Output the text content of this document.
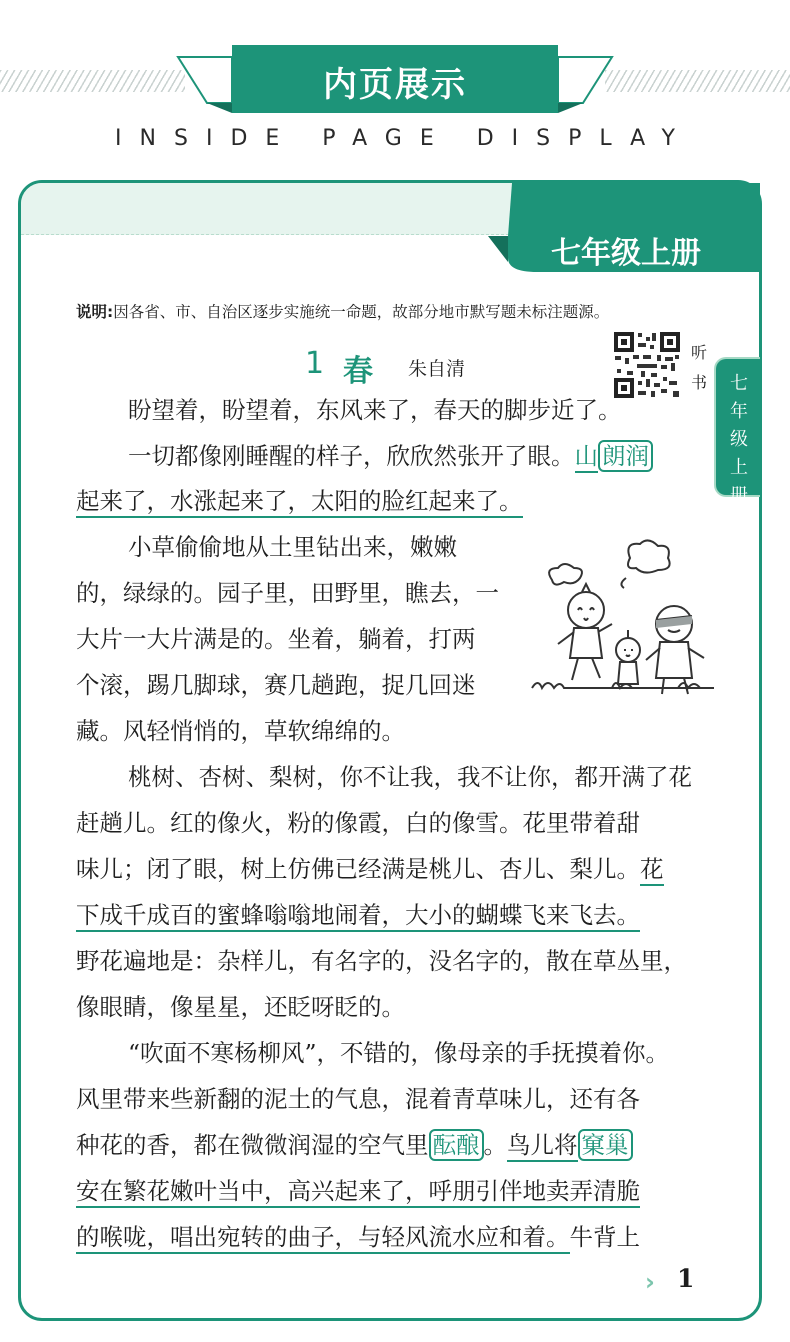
内页展示
INSIDE PAGE DISPLAY
七年级上册
说明:因各省、市、自治区逐步实施统一命题，故部分地市默写题未标注题源。
1 春 朱自清
听书 七年级上册
盼望着，盼望着，东风来了，春天的脚步近了。
一切都像刚睡醒的样子，欣欣然张开了眼。山 朗润
起来了，水涨起来了，太阳的脸红起来了。
小草偷偷地从土里钻出来，嫩嫩
的，绿绿的。园子里，田野里，瞧去，一
大片一大片满是的。坐着，躺着，打两
个滚，踢几脚球，赛几趟跑，捉几回迷
藏。风轻悄悄的，草软绵绵的。
桃树、杏树、梨树，你不让我，我不让你，都开满了花
赶趟儿。红的像火，粉的像霞，白的像雪。花里带着甜
味儿；闭了眼，树上仿佛已经满是桃儿、杏儿、梨儿。花
下成千成百的蜜蜂嗡嗡地闹着，大小的蝴蝶飞来飞去。
野花遍地是：杂样儿，有名字的，没名字的，散在草丛里，
像眼睛，像星星，还眨呀眨的。
“吹面不寒杨柳风”，不错的，像母亲的手抚摸着你。
风里带来些新翻的泥土的气息，混着青草味儿，还有各
种花的香，都在微微润湿的空气里 酝酿 。鸟儿将 窠巢
安在繁花嫩叶当中，高兴起来了，呼朋引伴地卖弄清脆
的喉咙，唱出宛转的曲子，与轻风流水应和着。牛背上
› 1
